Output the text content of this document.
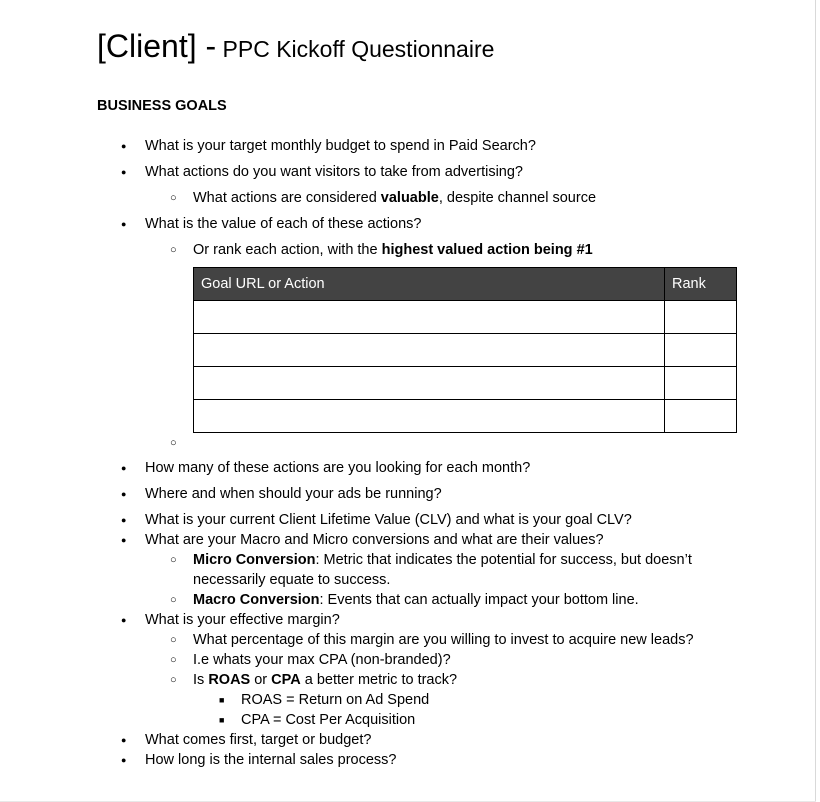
[Client] - PPC Kickoff Questionnaire
BUSINESS GOALS
What is your target monthly budget to spend in Paid Search?
What actions do you want visitors to take from advertising?
What actions are considered valuable, despite channel source
What is the value of each of these actions?
Or rank each action, with the highest valued action being #1
Goal URL or Action	Rank

How many of these actions are you looking for each month?
Where and when should your ads be running?
What is your current Client Lifetime Value (CLV) and what is your goal CLV?
What are your Macro and Micro conversions and what are their values?
Micro Conversion: Metric that indicates the potential for success, but doesn’t
necessarily equate to success.
Macro Conversion: Events that can actually impact your bottom line.
What is your effective margin?
What percentage of this margin are you willing to invest to acquire new leads?
I.e whats your max CPA (non-branded)?
Is ROAS or CPA a better metric to track?
ROAS = Return on Ad Spend
CPA = Cost Per Acquisition
What comes first, target or budget?
How long is the internal sales process?
